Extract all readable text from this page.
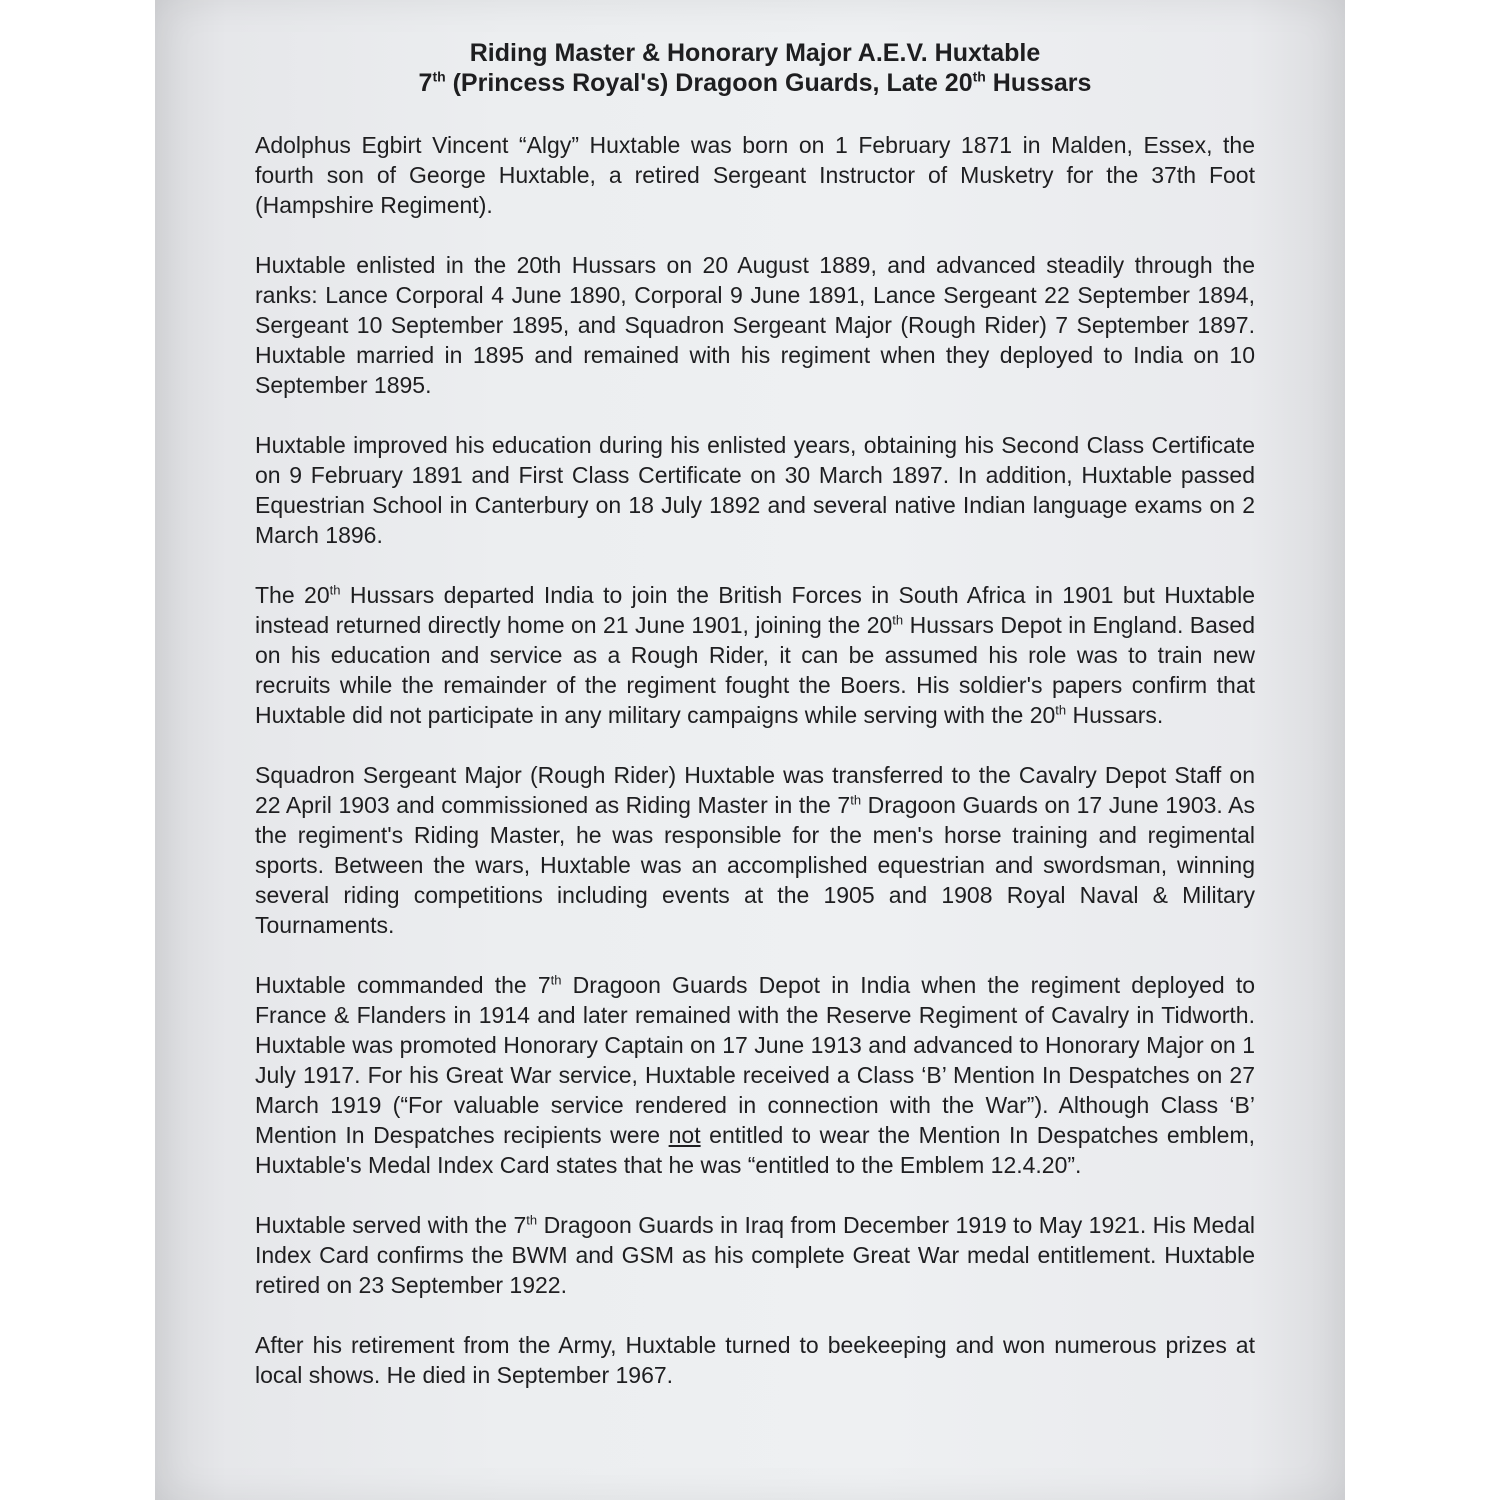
Riding Master & Honorary Major A.E.V. Huxtable
7th (Princess Royal's) Dragoon Guards, Late 20th Hussars

Adolphus Egbirt Vincent “Algy” Huxtable was born on 1 February 1871 in Malden, Essex, the fourth son of George Huxtable, a retired Sergeant Instructor of Musketry for the 37th Foot (Hampshire Regiment).

Huxtable enlisted in the 20th Hussars on 20 August 1889, and advanced steadily through the ranks: Lance Corporal 4 June 1890, Corporal 9 June 1891, Lance Sergeant 22 September 1894, Sergeant 10 September 1895, and Squadron Sergeant Major (Rough Rider) 7 September 1897. Huxtable married in 1895 and remained with his regiment when they deployed to India on 10 September 1895.

Huxtable improved his education during his enlisted years, obtaining his Second Class Certificate on 9 February 1891 and First Class Certificate on 30 March 1897. In addition, Huxtable passed Equestrian School in Canterbury on 18 July 1892 and several native Indian language exams on 2 March 1896.

The 20th Hussars departed India to join the British Forces in South Africa in 1901 but Huxtable instead returned directly home on 21 June 1901, joining the 20th Hussars Depot in England. Based on his education and service as a Rough Rider, it can be assumed his role was to train new recruits while the remainder of the regiment fought the Boers. His soldier's papers confirm that Huxtable did not participate in any military campaigns while serving with the 20th Hussars.

Squadron Sergeant Major (Rough Rider) Huxtable was transferred to the Cavalry Depot Staff on 22 April 1903 and commissioned as Riding Master in the 7th Dragoon Guards on 17 June 1903. As the regiment's Riding Master, he was responsible for the men's horse training and regimental sports. Between the wars, Huxtable was an accomplished equestrian and swordsman, winning several riding competitions including events at the 1905 and 1908 Royal Naval & Military Tournaments.

Huxtable commanded the 7th Dragoon Guards Depot in India when the regiment deployed to France & Flanders in 1914 and later remained with the Reserve Regiment of Cavalry in Tidworth. Huxtable was promoted Honorary Captain on 17 June 1913 and advanced to Honorary Major on 1 July 1917. For his Great War service, Huxtable received a Class ‘B’ Mention In Despatches on 27 March 1919 (“For valuable service rendered in connection with the War”). Although Class ‘B’ Mention In Despatches recipients were not entitled to wear the Mention In Despatches emblem, Huxtable's Medal Index Card states that he was “entitled to the Emblem 12.4.20”.

Huxtable served with the 7th Dragoon Guards in Iraq from December 1919 to May 1921. His Medal Index Card confirms the BWM and GSM as his complete Great War medal entitlement. Huxtable retired on 23 September 1922.

After his retirement from the Army, Huxtable turned to beekeeping and won numerous prizes at local shows. He died in September 1967.
